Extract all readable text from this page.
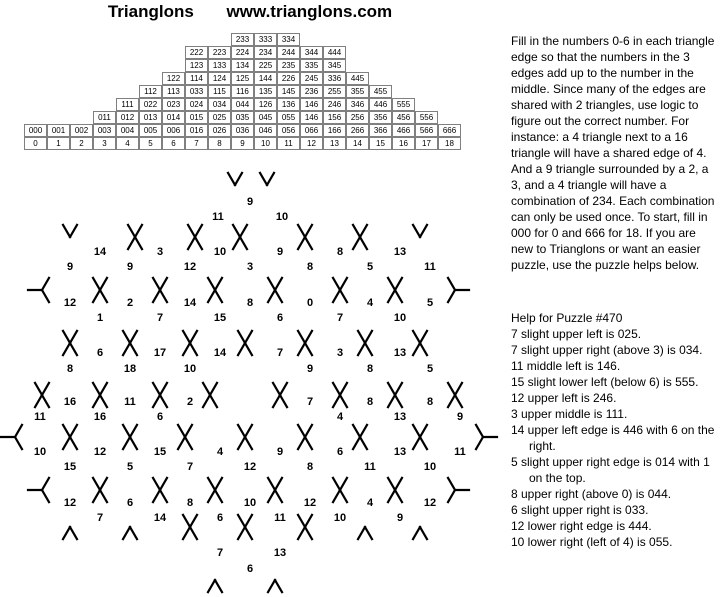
Trianglons www.trianglons.com
233	333	334
222	223	224	234	244	344	444
123	133	134	225	235	335	345
122	114	124	125	144	226	245	336	445
112	113	033	115	116	135	145	236	255	355	455
111	022	023	024	034	044	126	136	146	246	346	446	555
011	012	013	014	015	025	035	045	055	146	156	256	356	456	556
000	001	002	003	004	005	006	016	026	036	046	056	066	166	266	366	466	566	666
0	1	2	3	4	5	6	7	8	9	10	11	12	13	14	15	16	17	18
Fill in the numbers 0-6 in each triangle edge so that the numbers in the 3 edges add up to the number in the middle. Since many of the edges are shared with 2 triangles, use logic to figure out the correct number. For instance: a 4 triangle next to a 16 triangle will have a shared edge of 4. And a 9 triangle surrounded by a 2, a 3, and a 4 triangle will have a combination of 234. Each combination can only be used once. To start, fill in 000 for 0 and 666 for 18. If you are new to Trianglons or want an easier puzzle, use the puzzle helps below.
Help for Puzzle #470
7 slight upper left is 025.
7 slight upper right (above 3) is 034.
11 middle left is 146.
15 slight lower left (below 6) is 555.
12 upper left is 246.
3 upper middle is 111.
14 upper left edge is 446 with 6 on the right.
5 slight upper right edge is 014 with 1 on the top.
8 upper right (above 0) is 044.
6 slight upper right is 033.
12 lower right edge is 444.
10 lower right (left of 4) is 055.
9
11	10
14	3	10	9	8	13
9	9	12	3	8	5	11
12	2	14	8	0	4	5
1	7	15	6	7	10
6	17	14	7	3	13
8	18	10	9	8	5
16	11	2	7	8	8
11	16	6	4	13	9
10	12	15	4	9	6	13	11
15	5	7	12	8	11	10
12	6	8	10	12	4	12
7	14	6	11	10	9
7	13
6
